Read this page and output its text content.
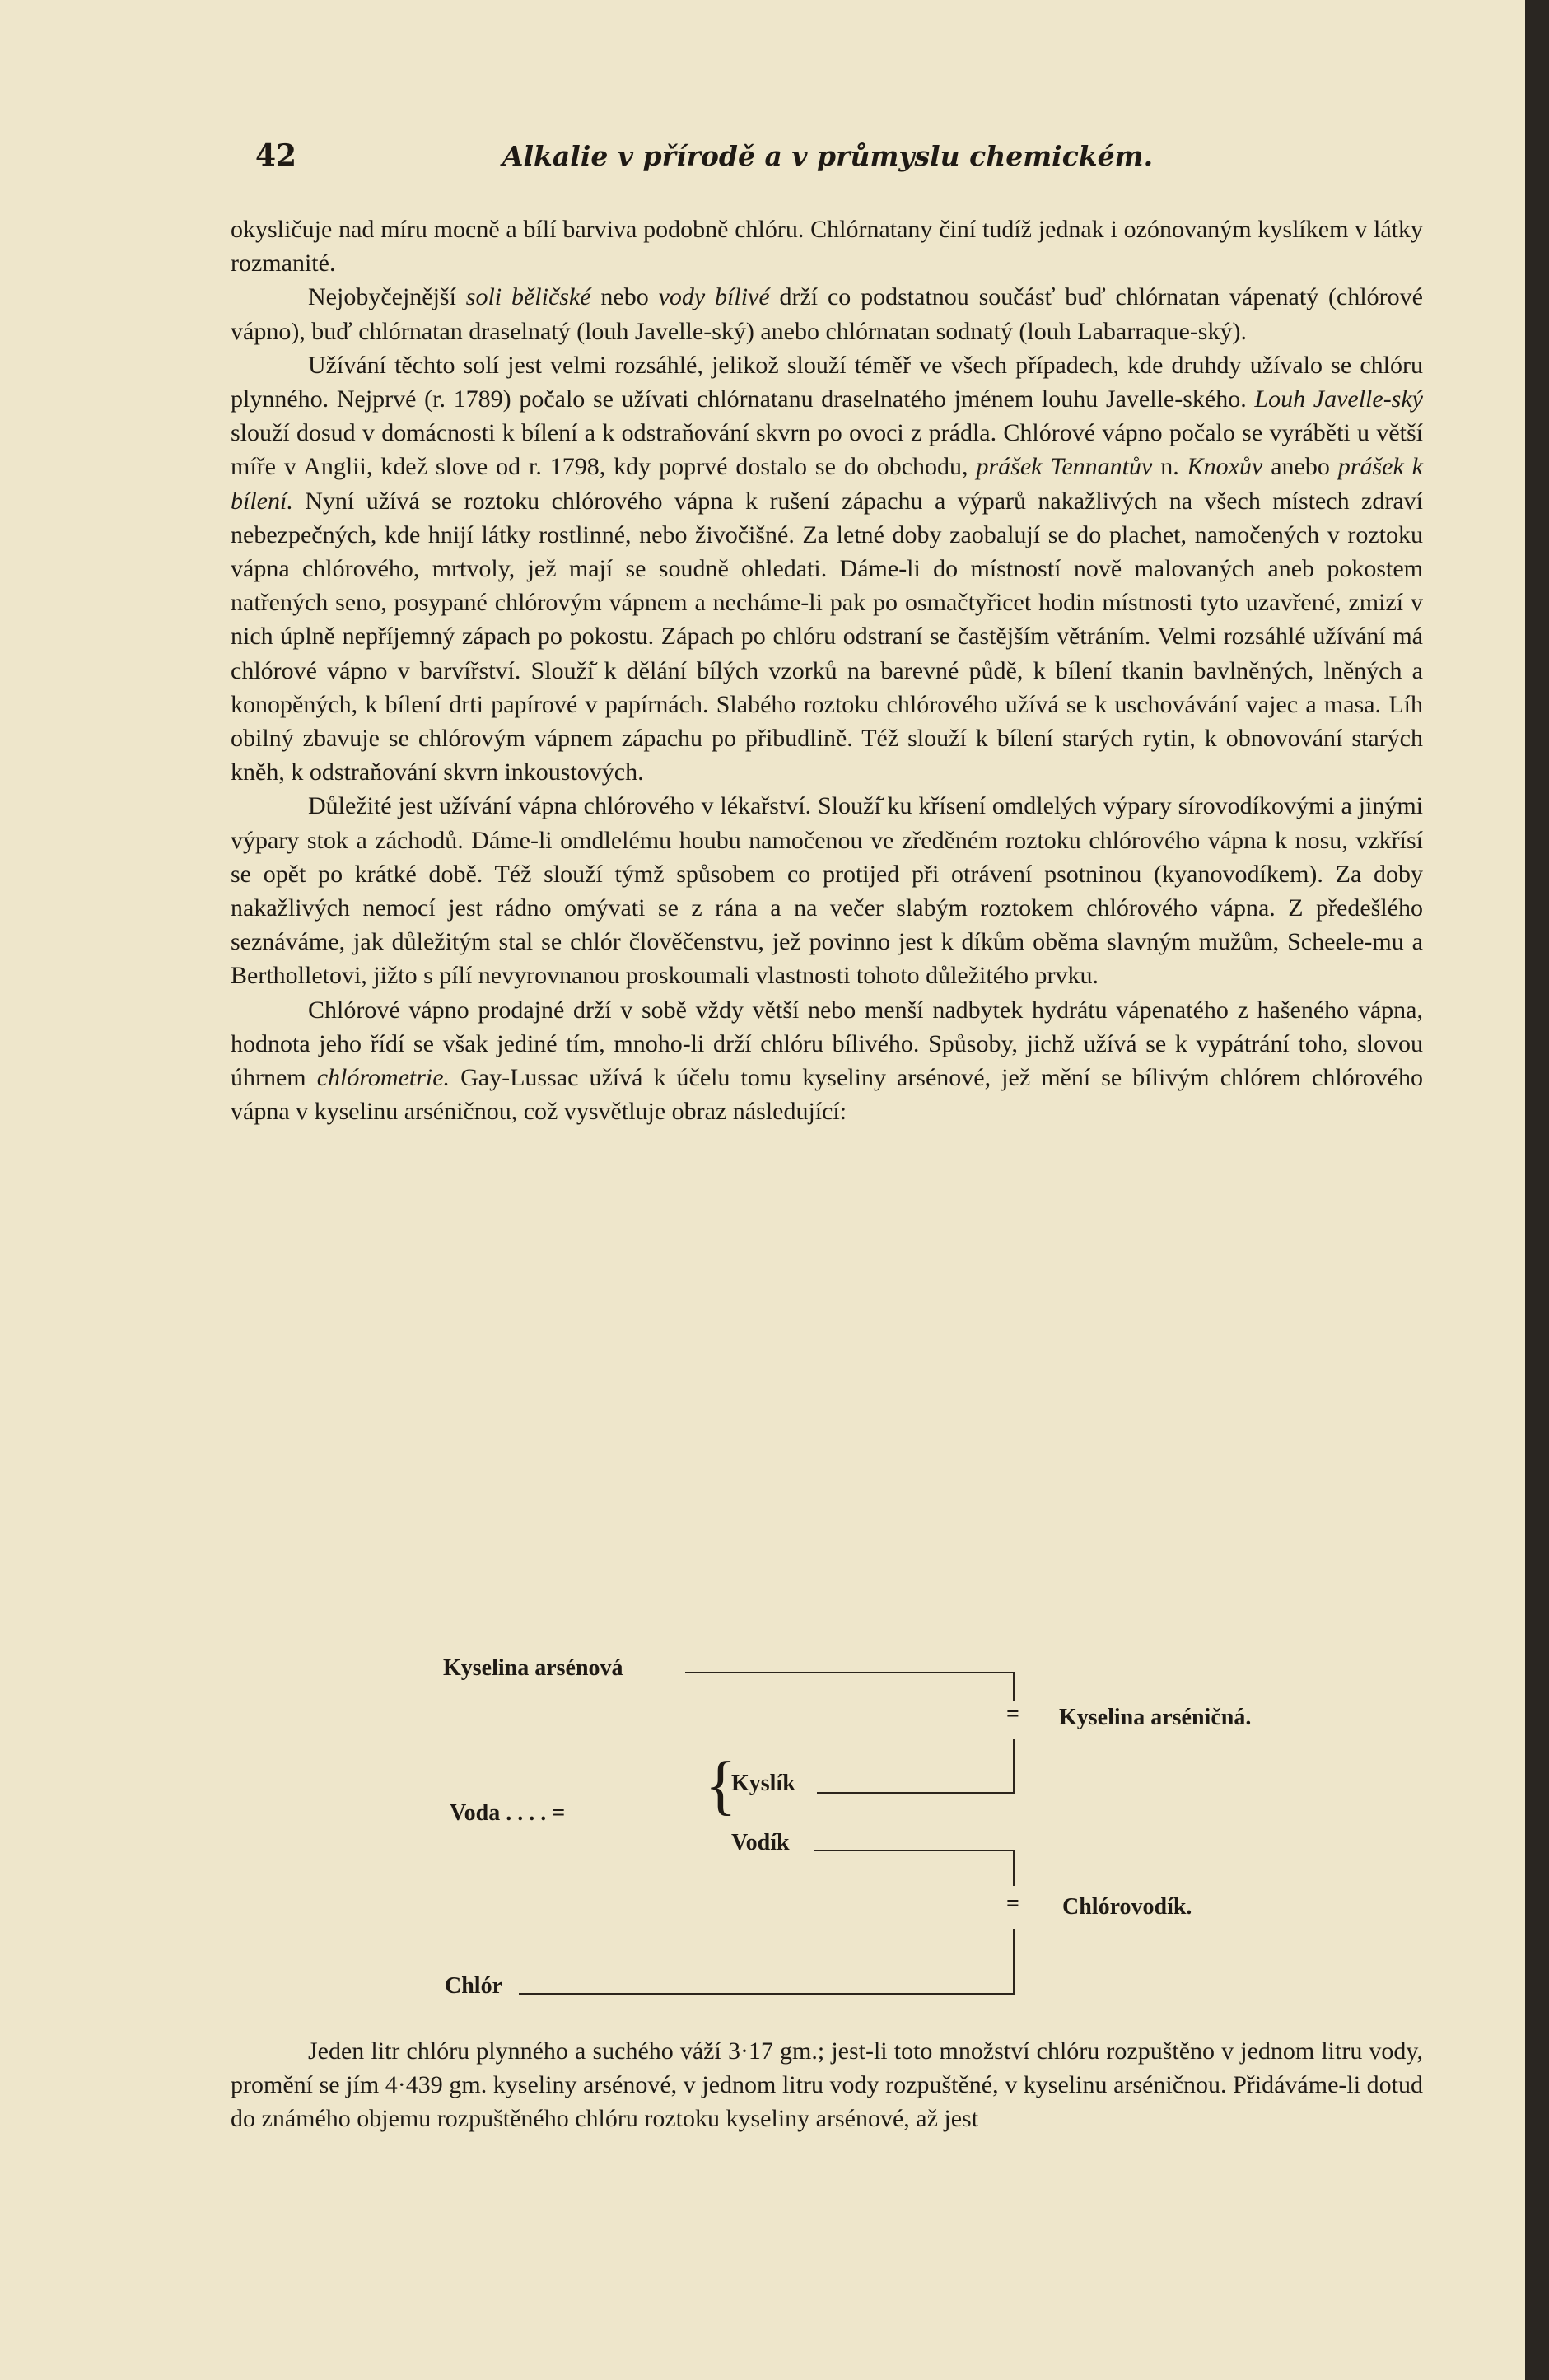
42	Alkalie v přírodě a v průmyslu chemickém.

okysličuje nad míru mocně a bílí barviva podobně chlóru. Chlórnatany činí tudíž jednak i ozónovaným kyslíkem v látky rozmanité.

Nejobyčejnější soli běličské nebo vody bílivé drží co podstatnou součásť buď chlórnatan vápenatý (chlórové vápno), buď chlórnatan draselnatý (louh Javelle-ský) anebo chlórnatan sodnatý (louh Labarraque-ský).

Užívání těchto solí jest velmi rozsáhlé, jelikož slouží téměř ve všech případech, kde druhdy užívalo se chlóru plynného. Nejprvé (r. 1789) počalo se užívati chlórnatanu draselnatého jménem louhu Javelle-ského. Louh Javelle-ský slouží dosud v domácnosti k bílení a k odstraňování skvrn po ovoci z prádla. Chlórové vápno počalo se vyráběti u větší míře v Anglii, kdež slove od r. 1798, kdy poprvé dostalo se do obchodu, prášek Tennantův n. Knoxův anebo prášek k bílení. Nyní užívá se roztoku chlórového vápna k rušení zápachu a výparů nakažlivých na všech místech zdraví nebezpečných, kde hnijí látky rostlinné, nebo živočišné. Za letné doby zaobalují se do plachet, namočených v roztoku vápna chlórového, mrtvoly, jež mají se soudně ohledati. Dáme-li do místností nově malovaných aneb pokostem natřených seno, posypané chlórovým vápnem a necháme-li pak po osmačtyřicet hodin místnosti tyto uzavřené, zmizí v nich úplně nepříjemný zápach po pokostu. Zápach po chlóru odstraní se častějším větráním. Velmi rozsáhlé užívání má chlórové vápno v barvířství. Slouží̆ k dělání bílých vzorků na barevné půdě, k bílení tkanin bavlněných, lněných a konopěných, k bílení drti papírové v papírnách. Slabého roztoku chlórového užívá se k uschovávání vajec a masa. Líh obilný zbavuje se chlórovým vápnem zápachu po přibudlině. Též slouží k bílení starých rytin, k obnovování starých kněh, k odstraňování skvrn inkoustových.

Důležité jest užívání vápna chlórového v lékařství. Slouží̆ ku křísení omdlelých výpary sírovodíkovými a jinými výpary stok a záchodů. Dáme-li omdlelému houbu namočenou ve zředěném roztoku chlórového vápna k nosu, vzkřísí se opět po krátké době. Též slouží týmž spůsobem co protijed při otrávení psotninou (kyanovodíkem). Za doby nakažlivých nemocí jest rádno omývati se z rána a na večer slabým roztokem chlórového vápna. Z předešlého seznáváme, jak důležitým stal se chlór člověčenstvu, jež povinno jest k díkům oběma slavným mužům, Scheele-mu a Bertholletovi, jižto s pílí nevyrovnanou proskoumali vlastnosti tohoto důležitého prvku.

Chlórové vápno prodajné drží v sobě vždy větší nebo menší nadbytek hydrátu vápenatého z hašeného vápna, hodnota jeho řídí se však jediné tím, mnoho-li drží chlóru bílivého. Spůsoby, jichž užívá se k vypátrání toho, slovou úhrnem chlórometrie. Gay-Lussac užívá k účelu tomu kyseliny arsénové, jež mění se bílivým chlórem chlórového vápna v kyselinu arséničnou, což vysvětluje obraz následující:

Kyselina arsénová
= Kyselina arséničná.
Voda . . . . = {
Kyslík
Vodík
= Chlórovodík.
Chlór

Jeden litr chlóru plynného a suchého váží 3·17 gm.; jest-li toto množství chlóru rozpuštěno v jednom litru vody, promění se jím 4·439 gm. kyseliny arsénové, v jednom litru vody rozpuštěné, v kyselinu arséničnou. Přidáváme-li dotud do známého objemu rozpuštěného chlóru roztoku kyseliny arsénové, až jest
